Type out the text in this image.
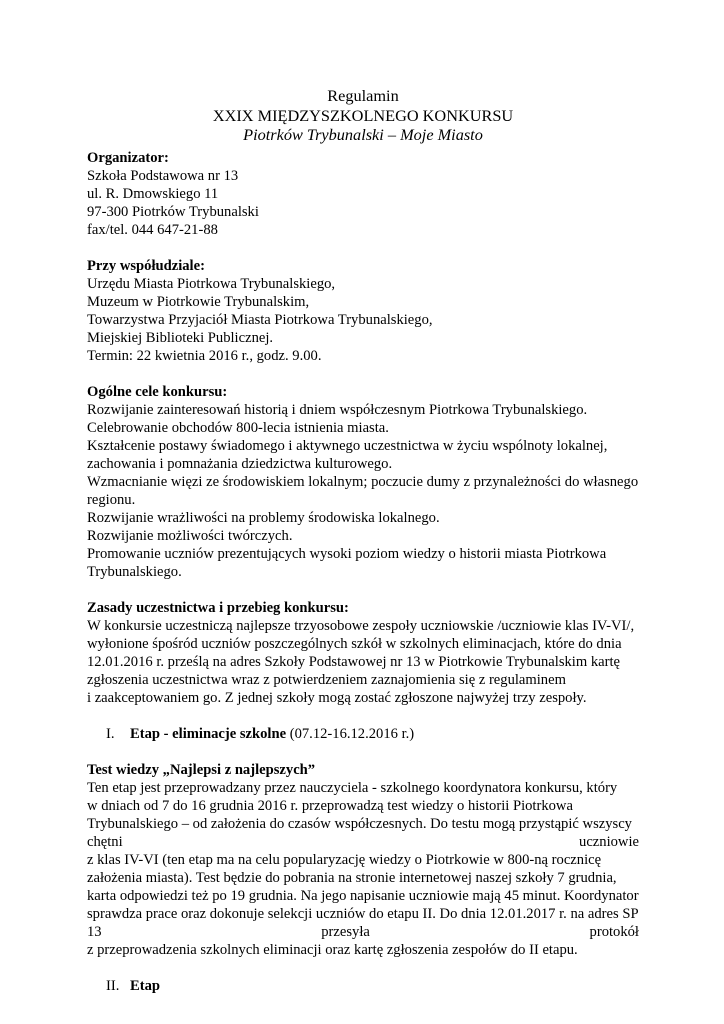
Regulamin
XXIX MIĘDZYSZKOLNEGO KONKURSU
Piotrków Trybunalski – Moje Miasto
Organizator:
Szkoła Podstawowa nr 13
ul. R. Dmowskiego 11
97-300 Piotrków Trybunalski
fax/tel. 044 647-21-88
Przy współudziale:
Urzędu Miasta Piotrkowa Trybunalskiego,
Muzeum w Piotrkowie Trybunalskim,
Towarzystwa Przyjaciół Miasta Piotrkowa Trybunalskiego,
Miejskiej Biblioteki Publicznej.
Termin: 22 kwietnia 2016 r., godz. 9.00.
Ogólne cele konkursu:
Rozwijanie zainteresowań historią i dniem współczesnym Piotrkowa Trybunalskiego.
Celebrowanie obchodów 800-lecia istnienia miasta.
Kształcenie postawy świadomego i aktywnego uczestnictwa w życiu wspólnoty lokalnej,
zachowania i pomnażania dziedzictwa kulturowego.
Wzmacnianie więzi ze środowiskiem lokalnym; poczucie dumy z przynależności do własnego
regionu.
Rozwijanie wrażliwości na problemy środowiska lokalnego.
Rozwijanie możliwości twórczych.
Promowanie uczniów prezentujących wysoki poziom wiedzy o historii miasta Piotrkowa
Trybunalskiego.
Zasady uczestnictwa i przebieg konkursu:
W konkursie uczestniczą najlepsze trzyosobowe zespoły uczniowskie /uczniowie klas IV-VI/,
wyłonione śpośród uczniów poszczególnych szkół w szkolnych eliminacjach, które do dnia
12.01.2016 r. prześlą na adres Szkoły Podstawowej nr 13 w Piotrkowie Trybunalskim kartę
zgłoszenia uczestnictwa wraz z potwierdzeniem zaznajomienia się z regulaminem
i zaakceptowaniem go. Z jednej szkoły mogą zostać zgłoszone najwyżej trzy zespoły.
I.	Etap - eliminacje szkolne (07.12-16.12.2016 r.)
Test wiedzy „Najlepsi z najlepszych”
Ten etap jest przeprowadzany przez nauczyciela - szkolnego koordynatora konkursu, który
w dniach od 7 do 16 grudnia 2016 r. przeprowadzą test wiedzy o historii Piotrkowa
Trybunalskiego – od założenia do czasów współczesnych. Do testu mogą przystąpić wszyscy
chętni	uczniowie
z klas IV-VI (ten etap ma na celu popularyzację wiedzy o Piotrkowie w 800-ną rocznicę
założenia miasta). Test będzie do pobrania na stronie internetowej naszej szkoły 7 grudnia,
karta odpowiedzi też po 19 grudnia. Na jego napisanie uczniowie mają 45 minut. Koordynator
sprawdza prace oraz dokonuje selekcji uczniów do etapu II. Do dnia 12.01.2017 r. na adres SP
13	przesyła	protokół
z przeprowadzenia szkolnych eliminacji oraz kartę zgłoszenia zespołów do II etapu.
II. Etap
